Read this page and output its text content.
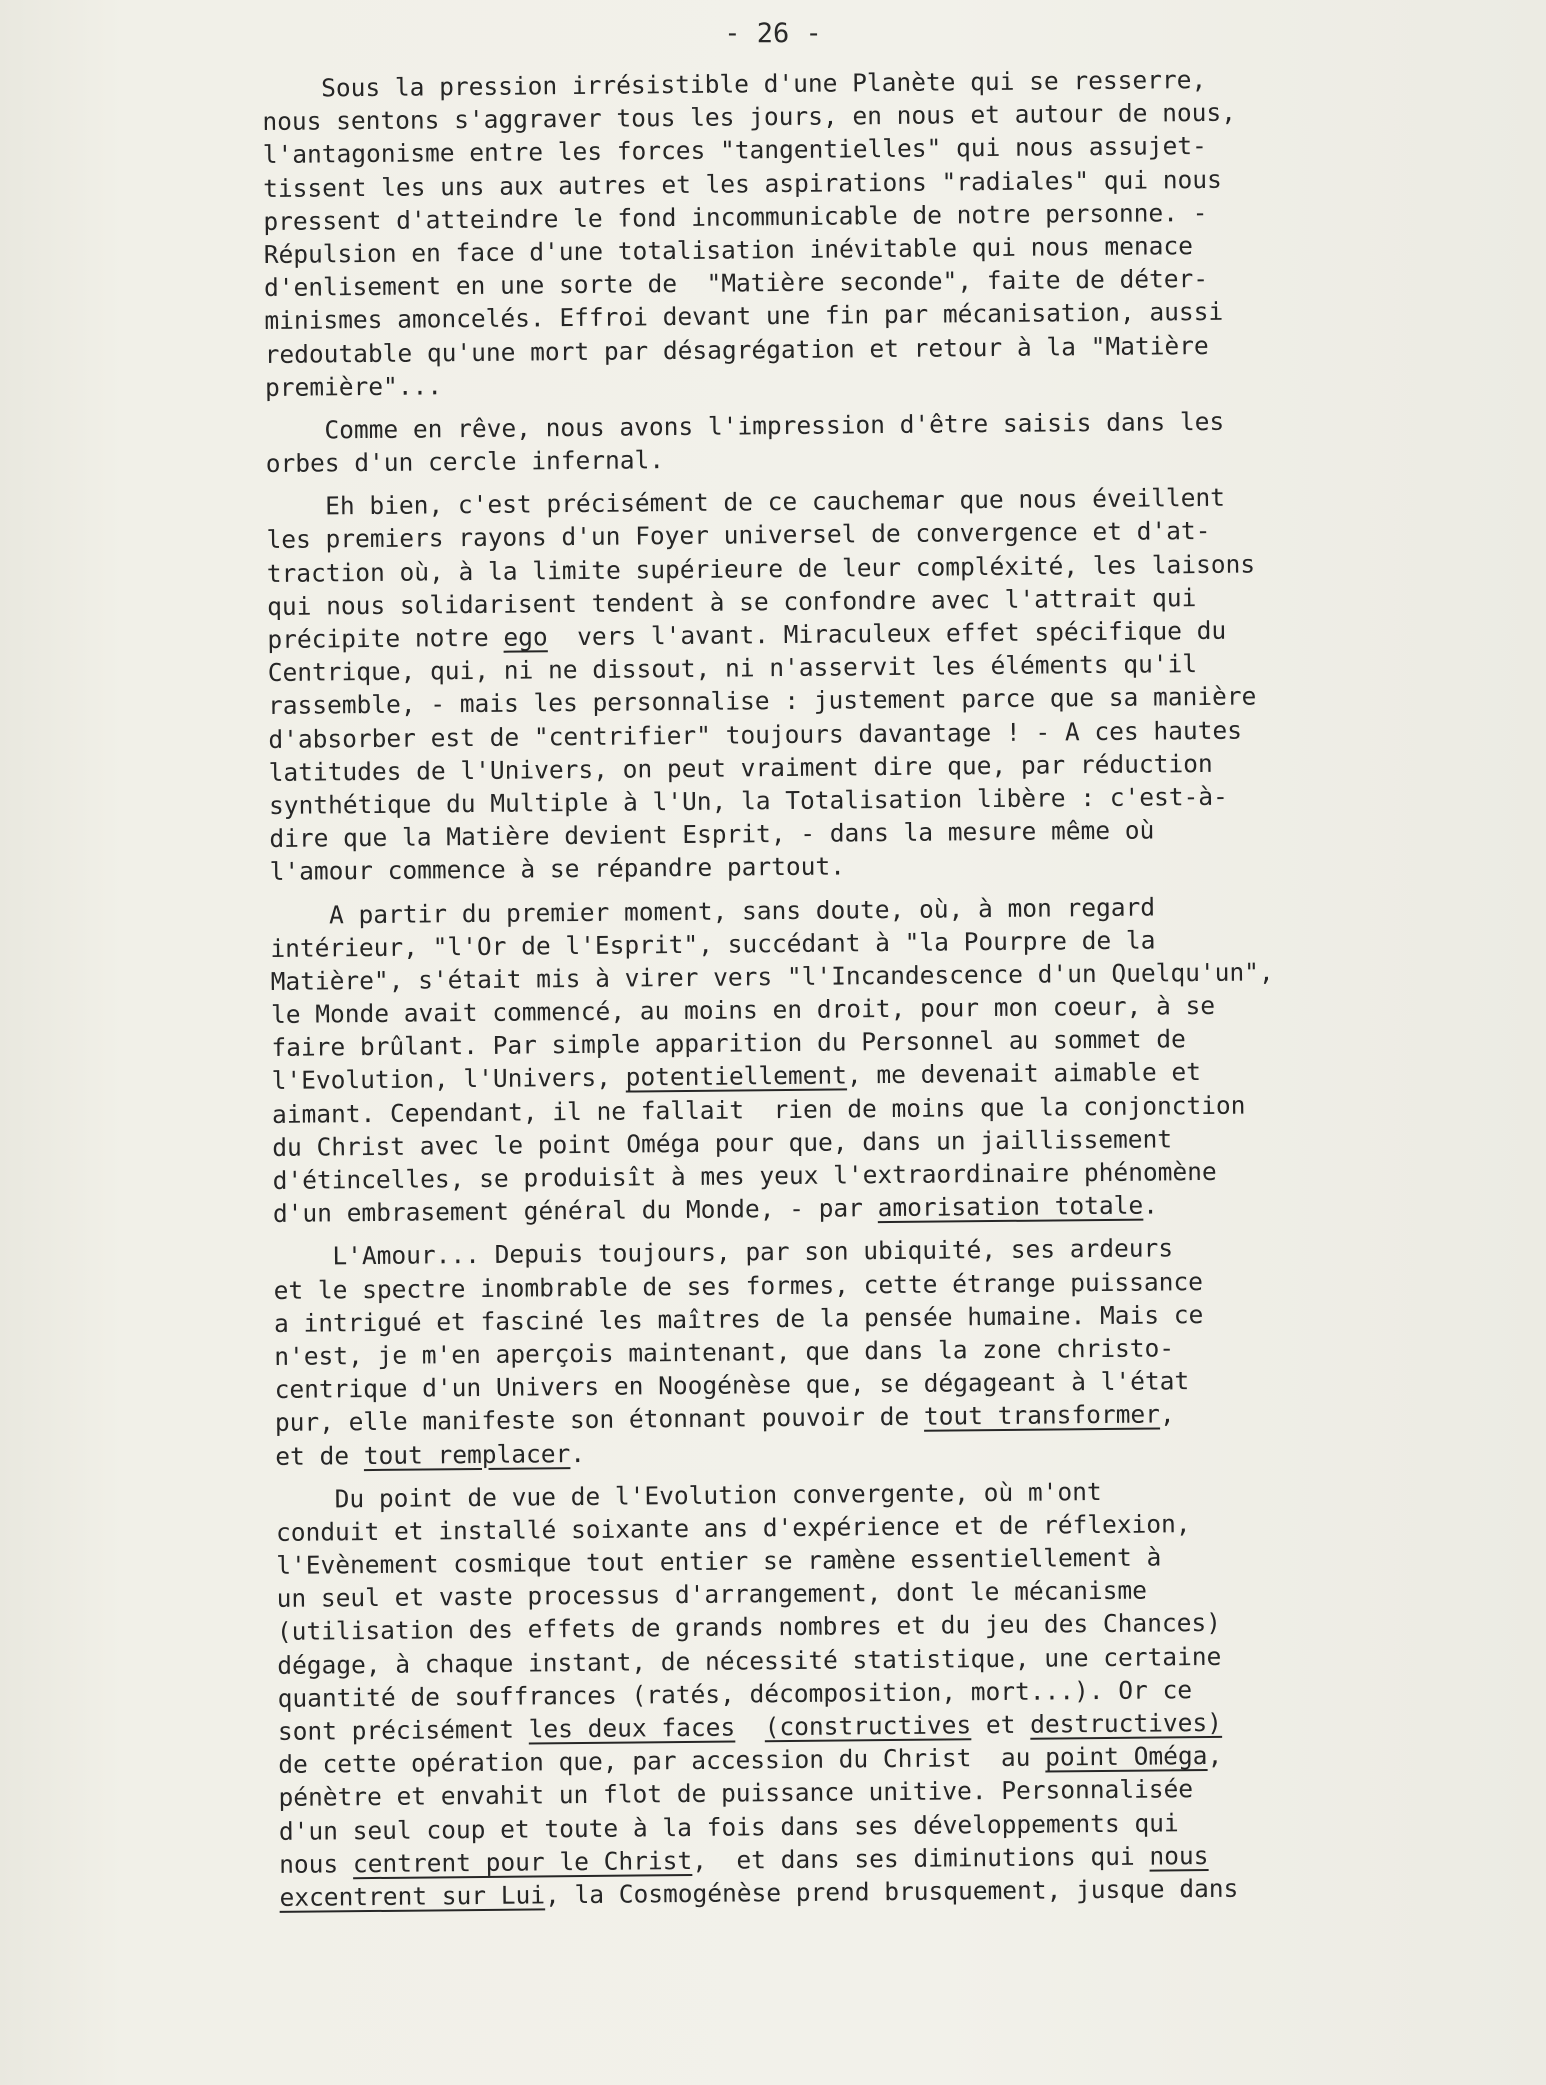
- 26 -
Sous la pression irrésistible d'une Planète qui se resserre,
nous sentons s'aggraver tous les jours, en nous et autour de nous,
l'antagonisme entre les forces "tangentielles" qui nous assujet-
tissent les uns aux autres et les aspirations "radiales" qui nous
pressent d'atteindre le fond incommunicable de notre personne. -
Répulsion en face d'une totalisation inévitable qui nous menace
d'enlisement en une sorte de  "Matière seconde", faite de déter-
minismes amoncelés. Effroi devant une fin par mécanisation, aussi
redoutable qu'une mort par désagrégation et retour à la "Matière
première"...
Comme en rêve, nous avons l'impression d'être saisis dans les
orbes d'un cercle infernal.
Eh bien, c'est précisément de ce cauchemar que nous éveillent
les premiers rayons d'un Foyer universel de convergence et d'at-
traction où, à la limite supérieure de leur compléxité, les laisons
qui nous solidarisent tendent à se confondre avec l'attrait qui
précipite notre ego  vers l'avant. Miraculeux effet spécifique du
Centrique, qui, ni ne dissout, ni n'asservit les éléments qu'il
rassemble, - mais les personnalise : justement parce que sa manière
d'absorber est de "centrifier" toujours davantage ! - A ces hautes
latitudes de l'Univers, on peut vraiment dire que, par réduction
synthétique du Multiple à l'Un, la Totalisation libère : c'est-à-
dire que la Matière devient Esprit, - dans la mesure même où
l'amour commence à se répandre partout.
A partir du premier moment, sans doute, où, à mon regard
intérieur, "l'Or de l'Esprit", succédant à "la Pourpre de la
Matière", s'était mis à virer vers "l'Incandescence d'un Quelqu'un",
le Monde avait commencé, au moins en droit, pour mon coeur, à se
faire brûlant. Par simple apparition du Personnel au sommet de
l'Evolution, l'Univers, potentiellement, me devenait aimable et
aimant. Cependant, il ne fallait  rien de moins que la conjonction
du Christ avec le point Oméga pour que, dans un jaillissement
d'étincelles, se produisît à mes yeux l'extraordinaire phénomène
d'un embrasement général du Monde, - par amorisation totale.
L'Amour... Depuis toujours, par son ubiquité, ses ardeurs
et le spectre inombrable de ses formes, cette étrange puissance
a intrigué et fasciné les maîtres de la pensée humaine. Mais ce
n'est, je m'en aperçois maintenant, que dans la zone christo-
centrique d'un Univers en Noogénèse que, se dégageant à l'état
pur, elle manifeste son étonnant pouvoir de tout transformer,
et de tout remplacer.
Du point de vue de l'Evolution convergente, où m'ont
conduit et installé soixante ans d'expérience et de réflexion,
l'Evènement cosmique tout entier se ramène essentiellement à
un seul et vaste processus d'arrangement, dont le mécanisme
(utilisation des effets de grands nombres et du jeu des Chances)
dégage, à chaque instant, de nécessité statistique, une certaine
quantité de souffrances (ratés, décomposition, mort...). Or ce
sont précisément les deux faces (constructives et destructives)
de cette opération que, par accession du Christ  au point Oméga,
pénètre et envahit un flot de puissance unitive. Personnalisée
d'un seul coup et toute à la fois dans ses développements qui
nous centrent pour le Christ,  et dans ses diminutions qui nous
excentrent sur Lui, la Cosmogénèse prend brusquement, jusque dans
